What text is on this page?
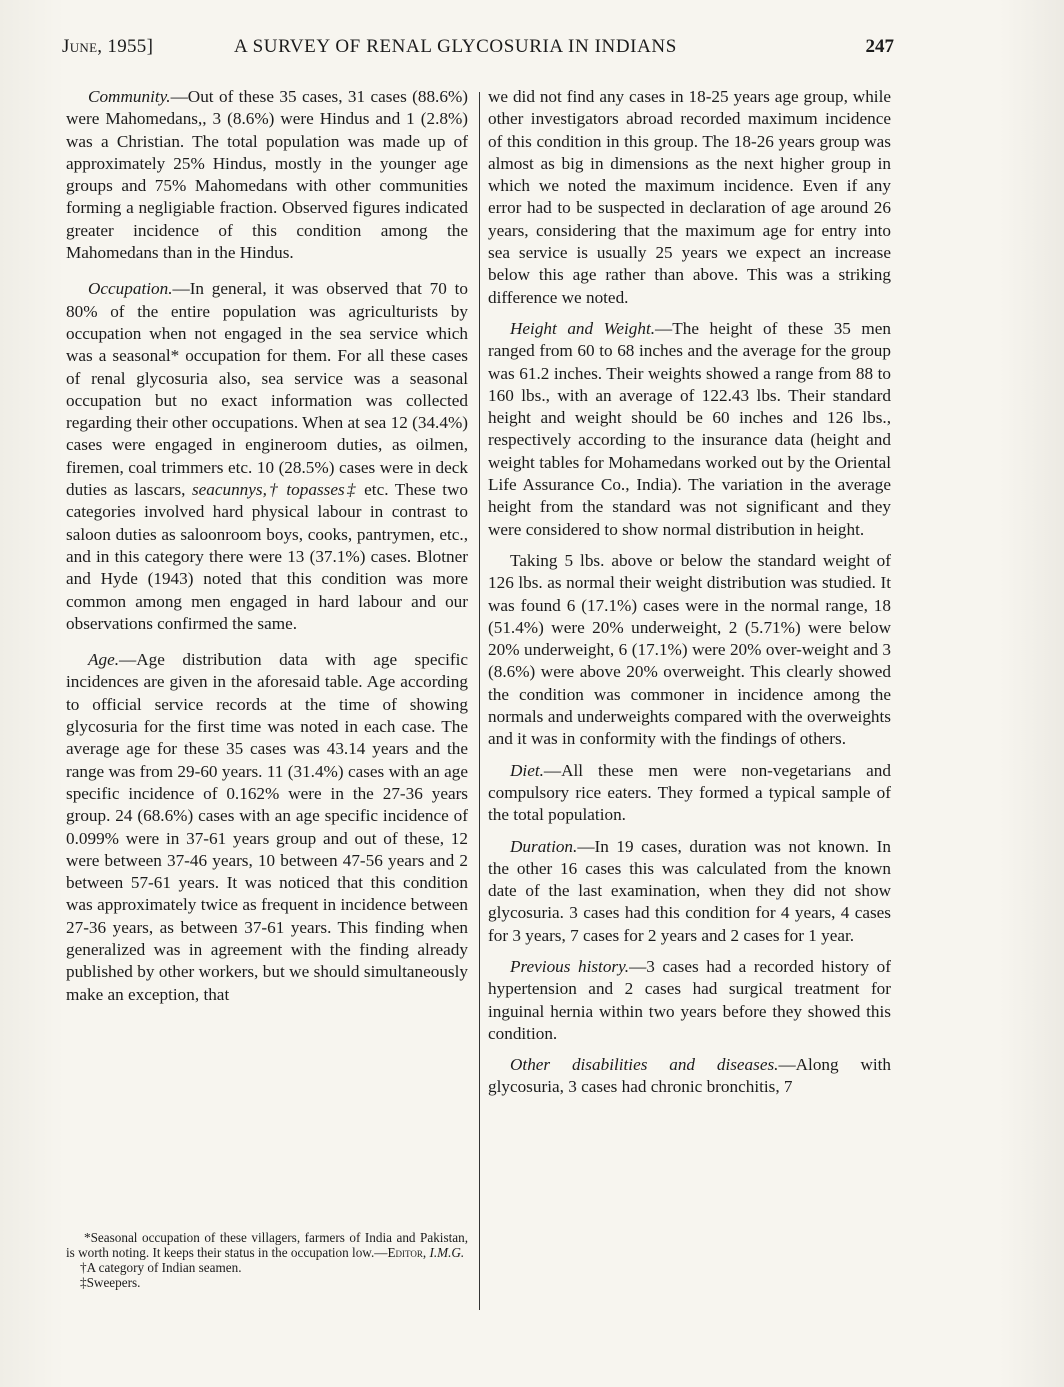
June, 1955]	A SURVEY OF RENAL GLYCOSURIA IN INDIANS	247

Community.—Out of these 35 cases, 31 cases (88.6%) were Mahomedans,, 3 (8.6%) were Hindus and 1 (2.8%) was a Christian. The total population was made up of approximately 25% Hindus, mostly in the younger age groups and 75% Mahomedans with other communities forming a negligiable fraction. Observed figures indicated greater incidence of this condition among the Mahomedans than in the Hindus.

Occupation.—In general, it was observed that 70 to 80% of the entire population was agriculturists by occupation when not engaged in the sea service which was a seasonal* occupation for them. For all these cases of renal glycosuria also, sea service was a seasonal occupation but no exact information was collected regarding their other occupations. When at sea 12 (34.4%) cases were engaged in engineroom duties, as oilmen, firemen, coal trimmers etc. 10 (28.5%) cases were in deck duties as lascars, seacunnys,† topasses‡ etc. These two categories involved hard physical labour in contrast to saloon duties as saloonroom boys, cooks, pantrymen, etc., and in this category there were 13 (37.1%) cases. Blotner and Hyde (1943) noted that this condition was more common among men engaged in hard labour and our observations confirmed the same.

Age.—Age distribution data with age specific incidences are given in the aforesaid table. Age according to official service records at the time of showing glycosuria for the first time was noted in each case. The average age for these 35 cases was 43.14 years and the range was from 29-60 years. 11 (31.4%) cases with an age specific incidence of 0.162% were in the 27-36 years group. 24 (68.6%) cases with an age specific incidence of 0.099% were in 37-61 years group and out of these, 12 were between 37-46 years, 10 between 47-56 years and 2 between 57-61 years. It was noticed that this condition was approximately twice as frequent in incidence between 27-36 years, as between 37-61 years. This finding when generalized was in agreement with the finding already published by other workers, but we should simultaneously make an exception, that

*Seasonal occupation of these villagers, farmers of India and Pakistan, is worth noting. It keeps their status in the occupation low.—Editor, I.M.G.

†A category of Indian seamen.

‡Sweepers.

we did not find any cases in 18-25 years age group, while other investigators abroad recorded maximum incidence of this condition in this group. The 18-26 years group was almost as big in dimensions as the next higher group in which we noted the maximum incidence. Even if any error had to be suspected in declaration of age around 26 years, considering that the maximum age for entry into sea service is usually 25 years we expect an increase below this age rather than above. This was a striking difference we noted.

Height and Weight.—The height of these 35 men ranged from 60 to 68 inches and the average for the group was 61.2 inches. Their weights showed a range from 88 to 160 lbs., with an average of 122.43 lbs. Their standard height and weight should be 60 inches and 126 lbs., respectively according to the insurance data (height and weight tables for Mohamedans worked out by the Oriental Life Assurance Co., India). The variation in the average height from the standard was not significant and they were considered to show normal distribution in height.

Taking 5 lbs. above or below the standard weight of 126 lbs. as normal their weight distribution was studied. It was found 6 (17.1%) cases were in the normal range, 18 (51.4%) were 20% underweight, 2 (5.71%) were below 20% underweight, 6 (17.1%) were 20% over-weight and 3 (8.6%) were above 20% overweight. This clearly showed the condition was commoner in incidence among the normals and underweights compared with the overweights and it was in conformity with the findings of others.

Diet.—All these men were non-vegetarians and compulsory rice eaters. They formed a typical sample of the total population.

Duration.—In 19 cases, duration was not known. In the other 16 cases this was calculated from the known date of the last examination, when they did not show glycosuria. 3 cases had this condition for 4 years, 4 cases for 3 years, 7 cases for 2 years and 2 cases for 1 year.

Previous history.—3 cases had a recorded history of hypertension and 2 cases had surgical treatment for inguinal hernia within two years before they showed this condition.

Other disabilities and diseases.—Along with glycosuria, 3 cases had chronic bronchitis, 7
